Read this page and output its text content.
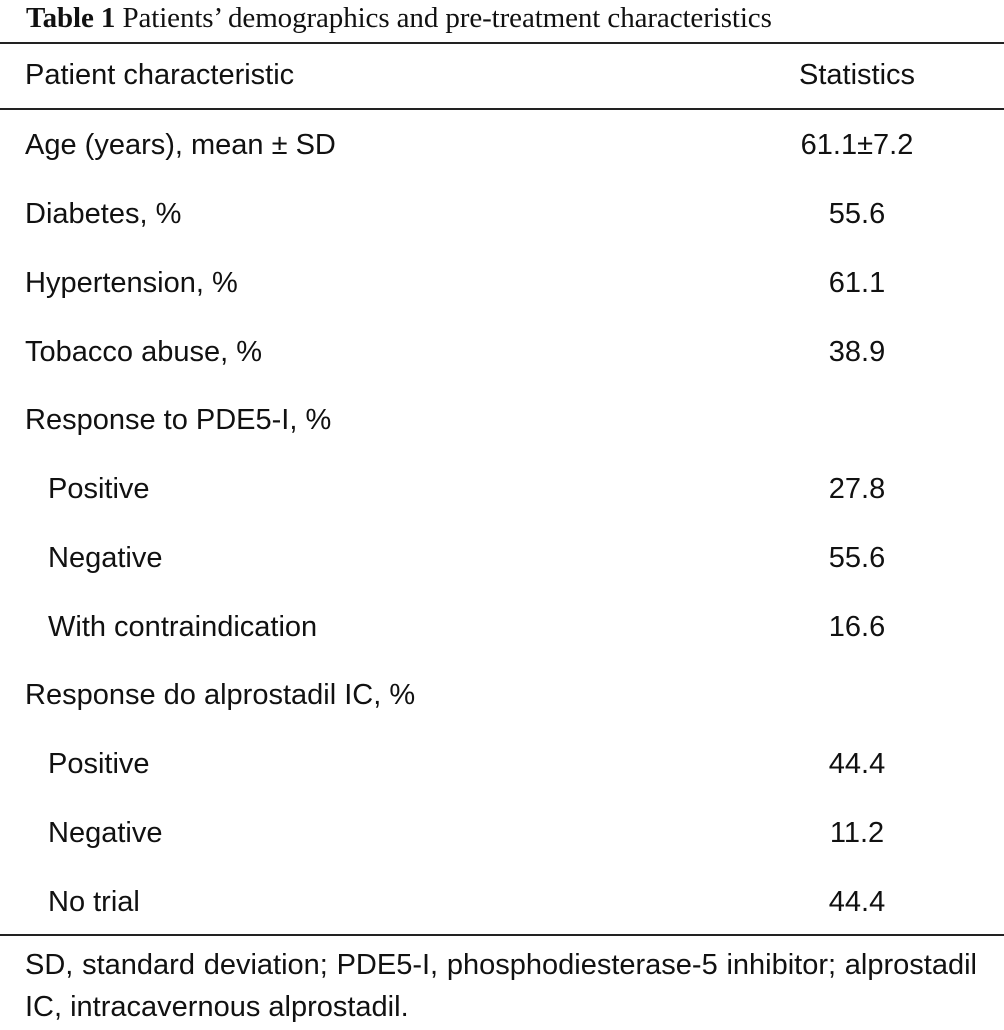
Table 1 Patients’ demographics and pre-treatment characteristics
Patient characteristic	Statistics
Age (years), mean ± SD	61.1±7.2
Diabetes, %	55.6
Hypertension, %	61.1
Tobacco abuse, %	38.9
Response to PDE5-I, %
Positive	27.8
Negative	55.6
With contraindication	16.6
Response do alprostadil IC, %
Positive	44.4
Negative	11.2
No trial	44.4
SD, standard deviation; PDE5-I, phosphodiesterase-5 inhibitor; alprostadil IC, intracavernous alprostadil.
